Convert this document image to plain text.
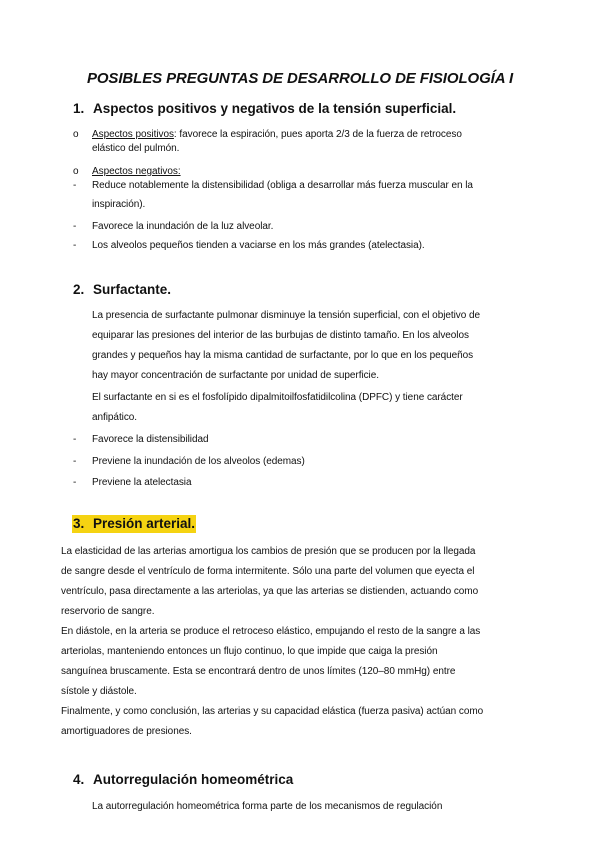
POSIBLES PREGUNTAS DE DESARROLLO DE FISIOLOGÍA I
1. Aspectos positivos y negativos de la tensión superficial.
o Aspectos positivos: favorece la espiración, pues aporta 2/3 de la fuerza de retroceso
elástico del pulmón.
o Aspectos negativos:
- Reduce notablemente la distensibilidad (obliga a desarrollar más fuerza muscular en la
inspiración).
- Favorece la inundación de la luz alveolar.
- Los alveolos pequeños tienden a vaciarse en los más grandes (atelectasia).
2. Surfactante.
La presencia de surfactante pulmonar disminuye la tensión superficial, con el objetivo de
equiparar las presiones del interior de las burbujas de distinto tamaño. En los alveolos
grandes y pequeños hay la misma cantidad de surfactante, por lo que en los pequeños
hay mayor concentración de surfactante por unidad de superficie.
El surfactante en si es el fosfolípido dipalmitoilfosfatidilcolina (DPFC) y tiene carácter
anfipático.
- Favorece la distensibilidad
- Previene la inundación de los alveolos (edemas)
- Previene la atelectasia
3. Presión arterial.
La elasticidad de las arterias amortigua los cambios de presión que se producen por la llegada
de sangre desde el ventrículo de forma intermitente. Sólo una parte del volumen que eyecta el
ventrículo, pasa directamente a las arteriolas, ya que las arterias se distienden, actuando como
reservorio de sangre.
En diástole, en la arteria se produce el retroceso elástico, empujando el resto de la sangre a las
arteriolas, manteniendo entonces un flujo continuo, lo que impide que caiga la presión
sanguínea bruscamente. Esta se encontrará dentro de unos límites (120–80 mmHg) entre
sístole y diástole.
Finalmente, y como conclusión, las arterias y su capacidad elástica (fuerza pasiva) actúan como
amortiguadores de presiones.
4. Autorregulación homeométrica
La autorregulación homeométrica forma parte de los mecanismos de regulación
